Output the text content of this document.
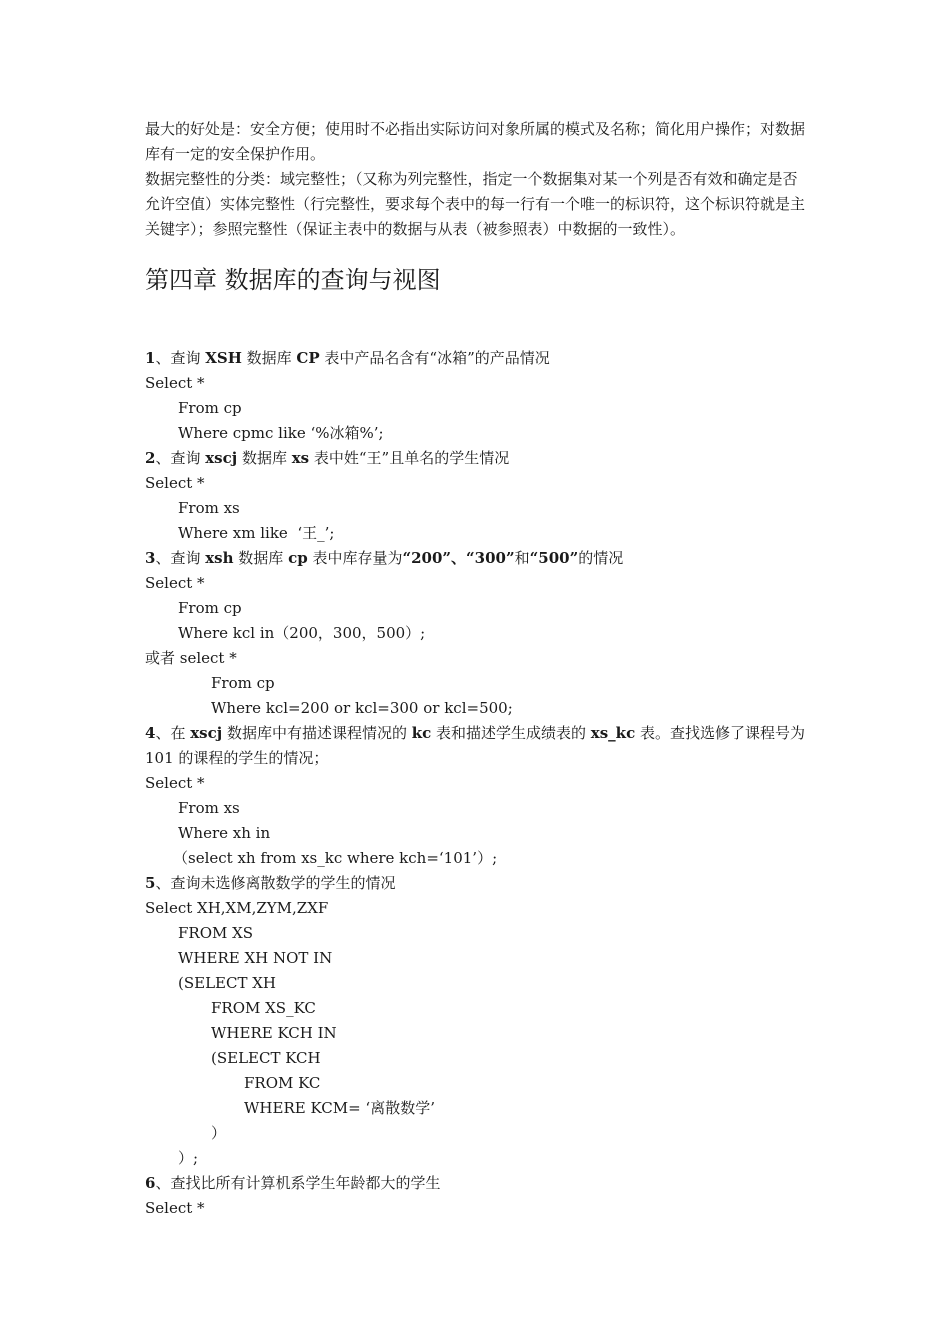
最大的好处是：安全方便；使用时不必指出实际访问对象所属的模式及名称；简化用户操作；对数据库有一定的安全保护作用。

数据完整性的分类：域完整性；（又称为列完整性，指定一个数据集对某一个列是否有效和确定是否允许空值）实体完整性（行完整性，要求每个表中的每一行有一个唯一的标识符，这个标识符就是主关键字）；参照完整性（保证主表中的数据与从表（被参照表）中数据的一致性）。

第四章 数据库的查询与视图
1、查询 XSH 数据库 CP 表中产品名含有“冰箱”的产品情况
Select *
From cp
Where cpmc like ‘%冰箱%’;
2、查询 xscj 数据库 xs 表中姓“王”且单名的学生情况
Select *
From xs
Where xm like  ‘王_’;
3、查询 xsh 数据库 cp 表中库存量为“200”、“300”和“500”的情况
Select *
From cp
Where kcl in（200，300，500）;
或者 select *
From cp
Where kcl=200 or kcl=300 or kcl=500;

4、在 xscj 数据库中有描述课程情况的 kc 表和描述学生成绩表的 xs_kc 表。查找选修了课程号为 101 的课程的学生的情况；

Select *
From xs
Where xh in
（select xh from xs_kc where kch=‘101’）;
5、查询未选修离散数学的学生的情况
Select XH,XM,ZYM,ZXF
FROM XS
WHERE XH NOT IN
(SELECT XH
FROM XS_KC
WHERE KCH IN
(SELECT KCH
FROM KC
WHERE KCM= ‘离散数学’
）
）;
6、查找比所有计算机系学生年龄都大的学生
Select *
